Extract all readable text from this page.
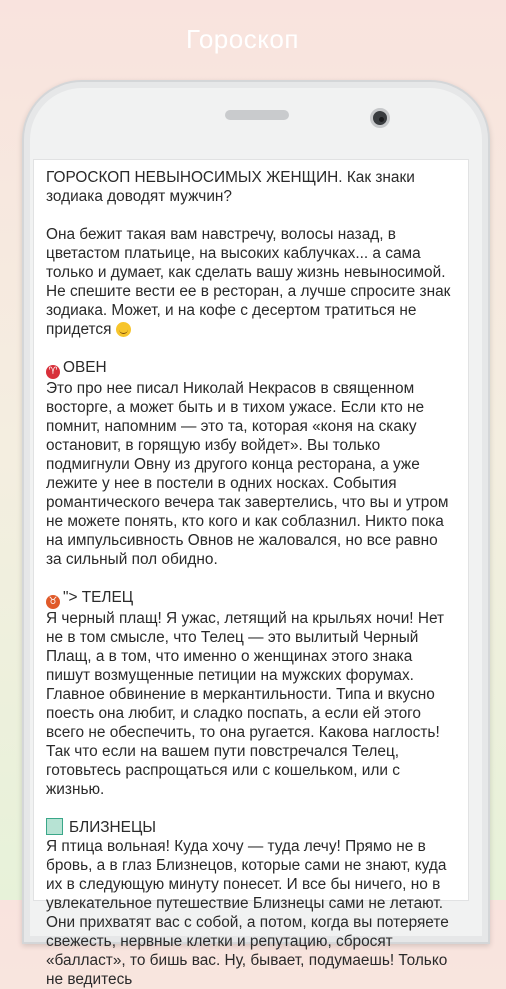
Гороскоп

ГОРОСКОП НЕВЫНОСИМЫХ ЖЕНЩИН. Как знаки зодиака доводят мужчин?

Она бежит такая вам навстречу, волосы назад, в цветастом платьице, на высоких каблучках... а сама только и думает, как сделать вашу жизнь невыносимой. Не спешите вести ее в ресторан, а лучше спросите знак зодиака. Может, и на кофе с десертом тратиться не придется

♈ ОВЕН
Это про нее писал Николай Некрасов в священном восторге, а может быть и в тихом ужасе. Если кто не помнит, напомним — это та, которая «коня на скаку остановит, в горящую избу войдет». Вы только подмигнули Овну из другого конца ресторана, а уже лежите у нее в постели в одних носках. События романтического вечера так завертелись, что вы и утром не можете понять, кто кого и как соблазнил. Никто пока на импульсивность Овнов не жаловался, но все равно за сильный пол обидно.

♉ "> ТЕЛЕЦ
Я черный плащ! Я ужас, летящий на крыльях ночи! Нет не в том смысле, что Телец — это вылитый Черный Плащ, а в том, что именно о женщинах этого знака пишут возмущенные петиции на мужских форумах. Главное обвинение в меркантильности. Типа и вкусно поесть она любит, и сладко поспать, а если ей этого всего не обеспечить, то она ругается. Какова наглость! Так что если на вашем пути повстречался Телец, готовьтесь распрощаться или с кошельком, или с жизнью.

БЛИЗНЕЦЫ
Я птица вольная! Куда хочу — туда лечу! Прямо не в бровь, а в глаз Близнецов, которые сами не знают, куда их в следующую минуту понесет. И все бы ничего, но в увлекательное путешествие Близнецы сами не летают. Они прихватят вас с собой, а потом, когда вы потеряете свежесть, нервные клетки и репутацию, сбросят «балласт», то бишь вас. Ну, бывает, подумаешь! Только не ведитесь
